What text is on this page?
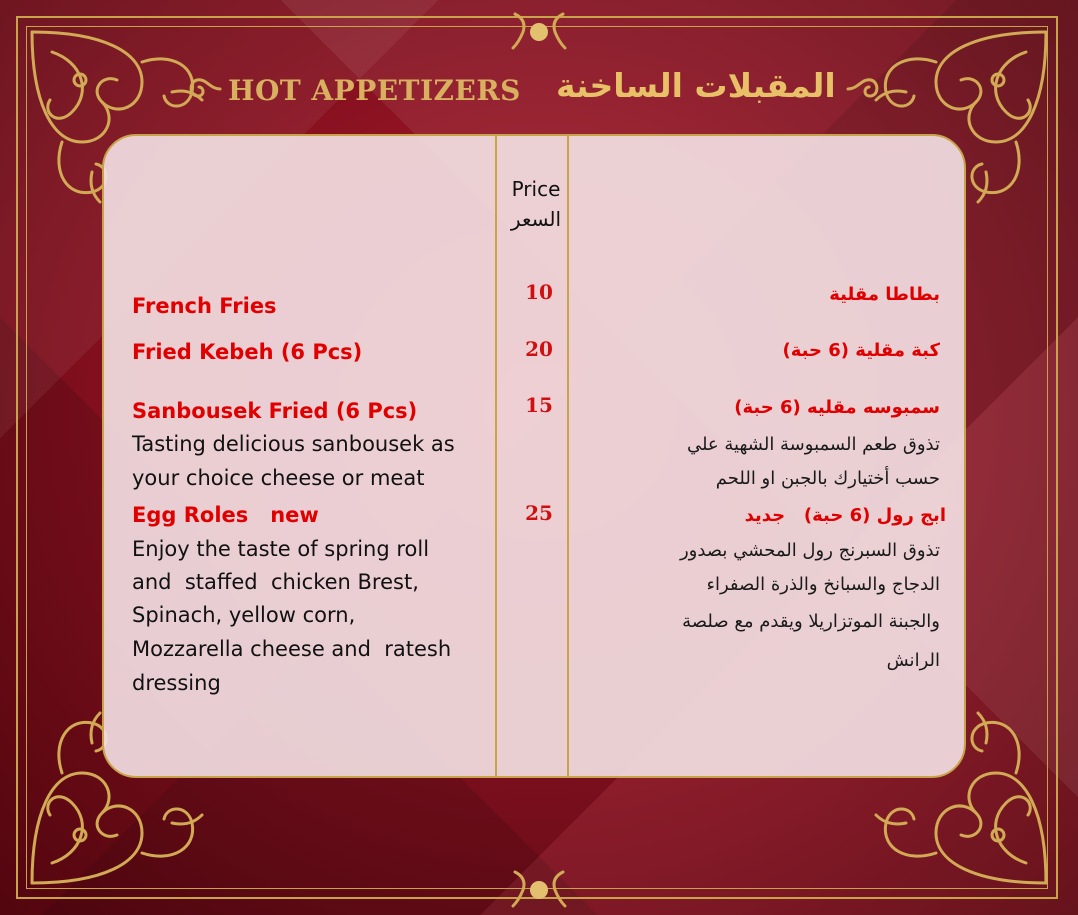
HOT APPETIZERS المقبلات الساخنة
Price
السعر
French Fries
Fried Kebeh (6 Pcs)
Sanbousek Fried (6 Pcs)
Tasting delicious sanbousek as
your choice cheese or meat
Egg Roles   new
Enjoy the taste of spring roll
and  staffed  chicken Brest,
Spinach, yellow corn,
Mozzarella cheese and  ratesh
dressing
10
20
15
25
بطاطا مقلية
كبة مقلية (6 حبة)
سمبوسه مقليه (6 حبة)
تذوق طعم السمبوسة الشهية علي
حسب أختيارك بالجبن او اللحم
ابج رول (6 حبة)   جديد
تذوق السبرنج رول المحشي بصدور
الدجاج والسبانخ والذرة الصفراء
والجبنة الموتزاريلا ويقدم مع صلصة
الرانش
